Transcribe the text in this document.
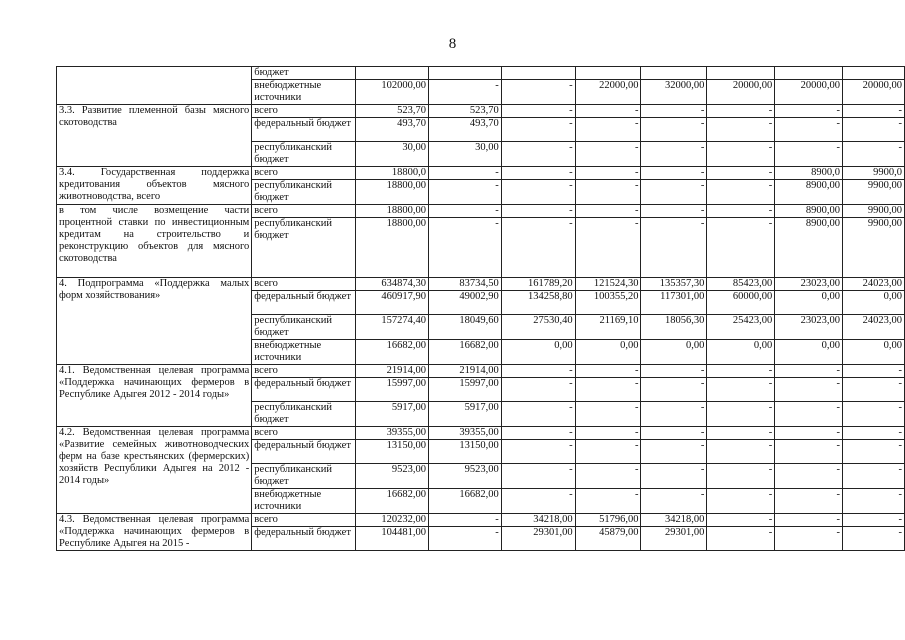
8
	бюджет								
	внебюджетные источники	102000,00	-	-	22000,00	32000,00	20000,00	20000,00	20000,00
3.3. Развитие племенной базы мясного скотоводства	всего	523,70	523,70	-	-	-	-	-	-
	федеральный бюджет	493,70	493,70	-	-	-	-	-	-
	республиканский бюджет	30,00	30,00	-	-	-	-	-	-
3.4. Государственная поддержка кредитования объектов мясного животноводства, всего	всего	18800,0	-	-	-	-	-	8900,0	9900,0
	республиканский бюджет	18800,00	-	-	-	-	-	8900,00	9900,00
в том числе возмещение части процентной ставки по инвестиционным кредитам на строительство и реконструкцию объектов для мясного скотоводства	всего	18800,00	-	-	-	-	-	8900,00	9900,00
	республиканский бюджет	18800,00	-	-	-	-	-	8900,00	9900,00
4. Подпрограмма «Поддержка малых форм хозяйствования»	всего	634874,30	83734,50	161789,20	121524,30	135357,30	85423,00	23023,00	24023,00
	федеральный бюджет	460917,90	49002,90	134258,80	100355,20	117301,00	60000,00	0,00	0,00
	республиканский бюджет	157274,40	18049,60	27530,40	21169,10	18056,30	25423,00	23023,00	24023,00
	внебюджетные источники	16682,00	16682,00	0,00	0,00	0,00	0,00	0,00	0,00
4.1. Ведомственная целевая программа «Поддержка начинающих фермеров в Республике Адыгея 2012 - 2014 годы»	всего	21914,00	21914,00	-	-	-	-	-	-
	федеральный бюджет	15997,00	15997,00	-	-	-	-	-	-
	республиканский бюджет	5917,00	5917,00	-	-	-	-	-	-
4.2. Ведомственная целевая программа «Развитие семейных животноводческих ферм на базе крестьянских (фермерских) хозяйств Республики Адыгея на 2012 - 2014 годы»	всего	39355,00	39355,00	-	-	-	-	-	-
	федеральный бюджет	13150,00	13150,00	-	-	-	-	-	-
	республиканский бюджет	9523,00	9523,00	-	-	-	-	-	-
	внебюджетные источники	16682,00	16682,00	-	-	-	-	-	-
4.3. Ведомственная целевая программа «Поддержка начинающих фермеров в Республике Адыгея на 2015 -	всего	120232,00	-	34218,00	51796,00	34218,00	-	-	-
	федеральный бюджет	104481,00	-	29301,00	45879,00	29301,00	-	-	-
